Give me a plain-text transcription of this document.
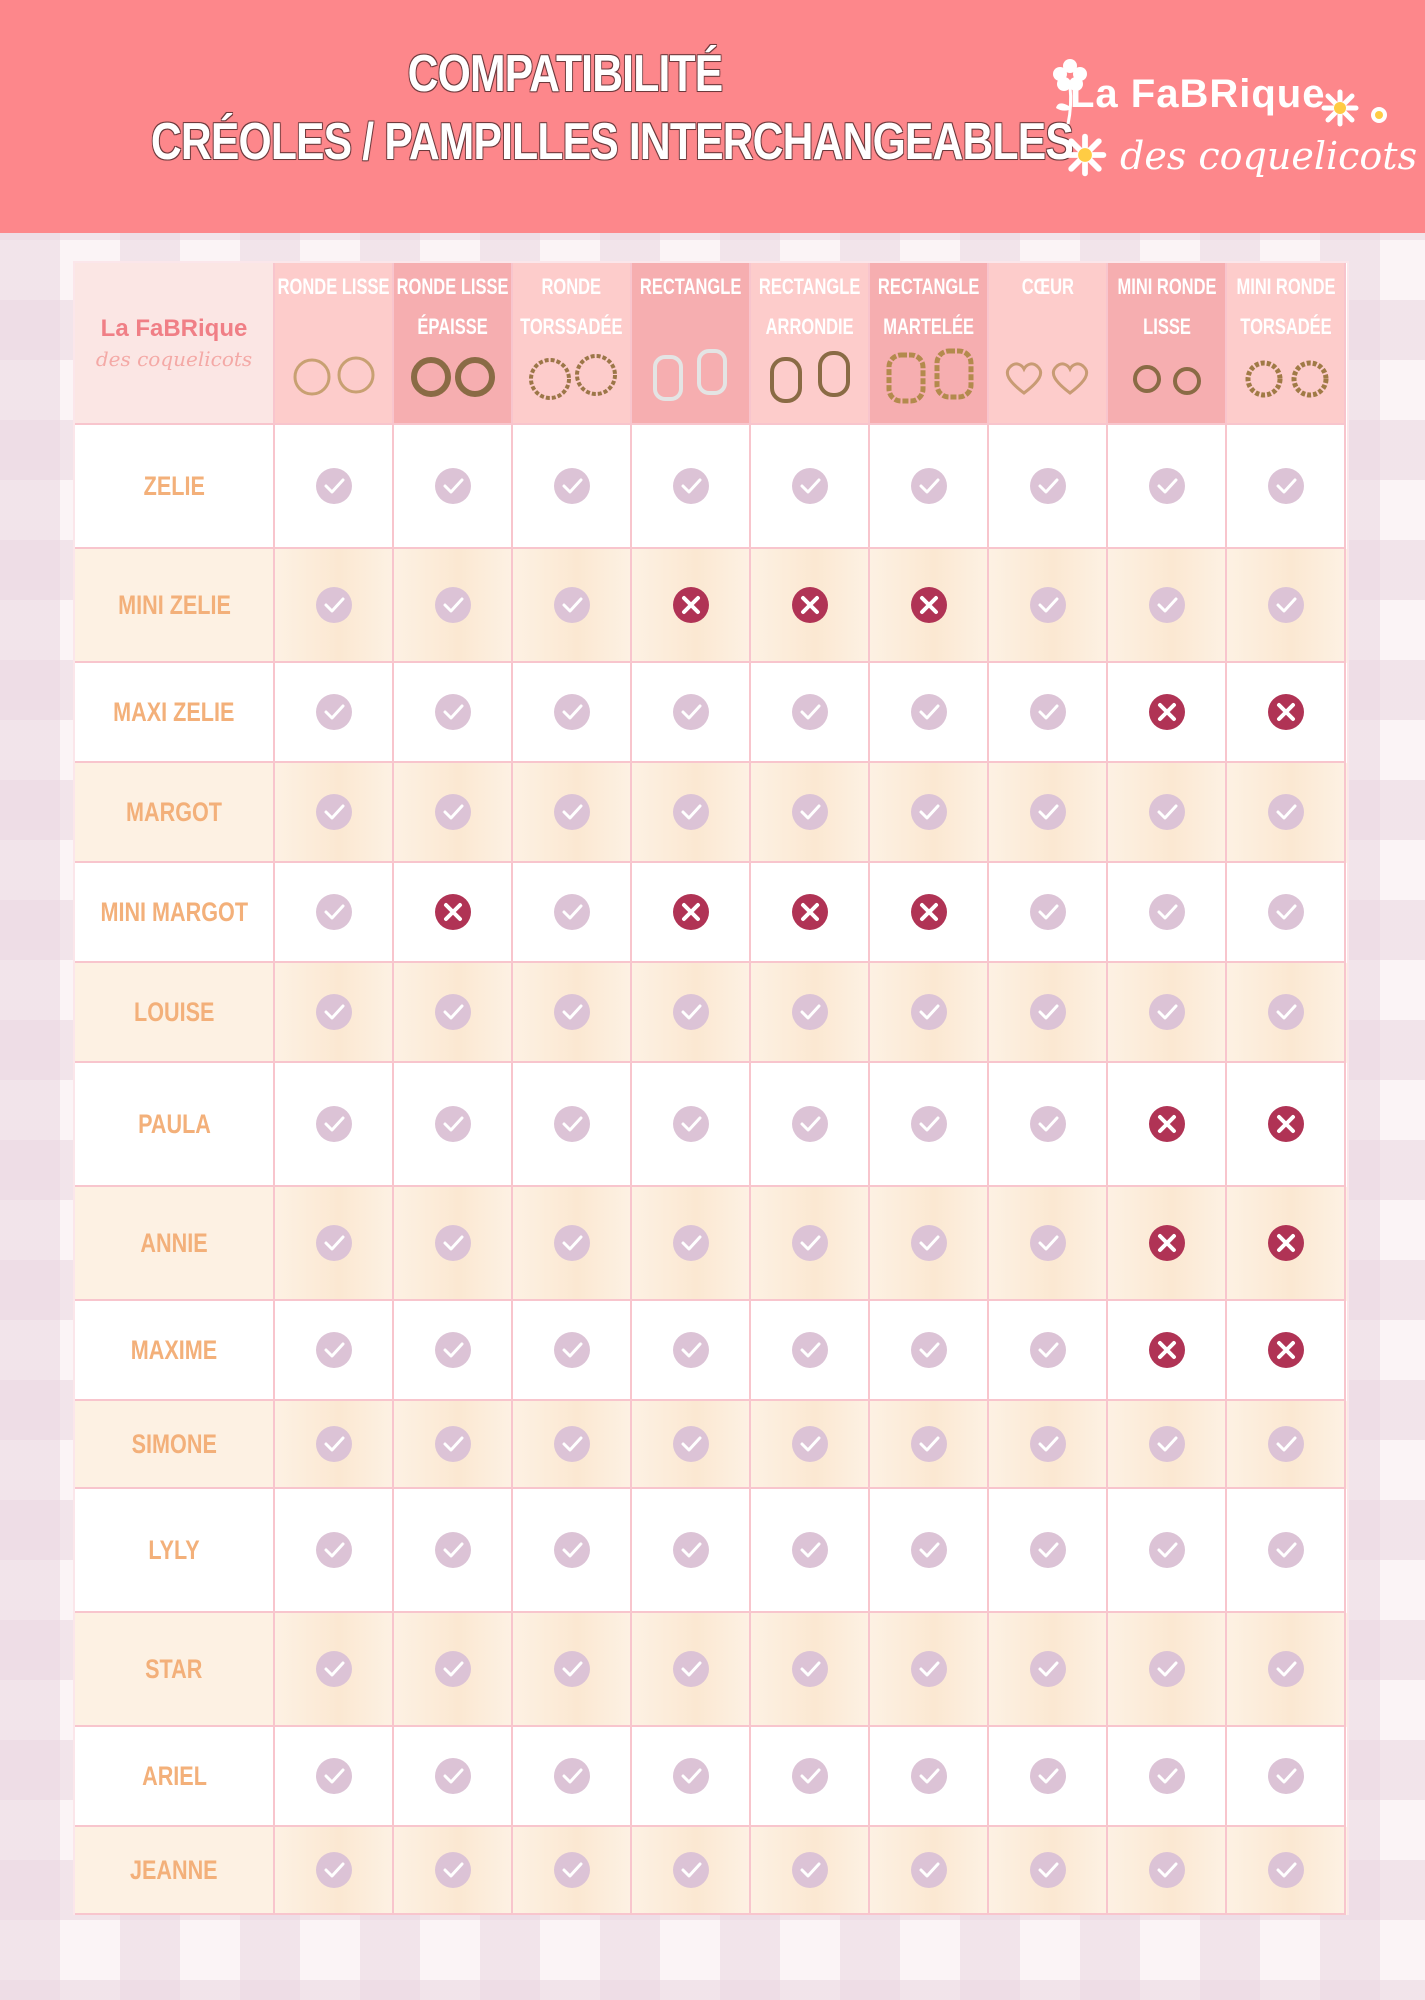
COMPATIBILITÉ
CRÉOLES / PAMPILLES INTERCHANGEABLES
La FaBRique
des coquelicots
La FaBRique
des coquelicots
RONDE LISSE RONDE LISSE
ÉPAISSE
RONDE
TORSSADÉE
RECTANGLE RECTANGLE
ARRONDIE
RECTANGLE
MARTELÉE
CŒUR MINI RONDE
LISSE
MINI RONDE
TORSADÉE
ZELIE
MINI ZELIE
MAXI ZELIE
MARGOT
MINI MARGOT
LOUISE
PAULA
ANNIE
MAXIME
SIMONE
LYLY
STAR
ARIEL
JEANNE
